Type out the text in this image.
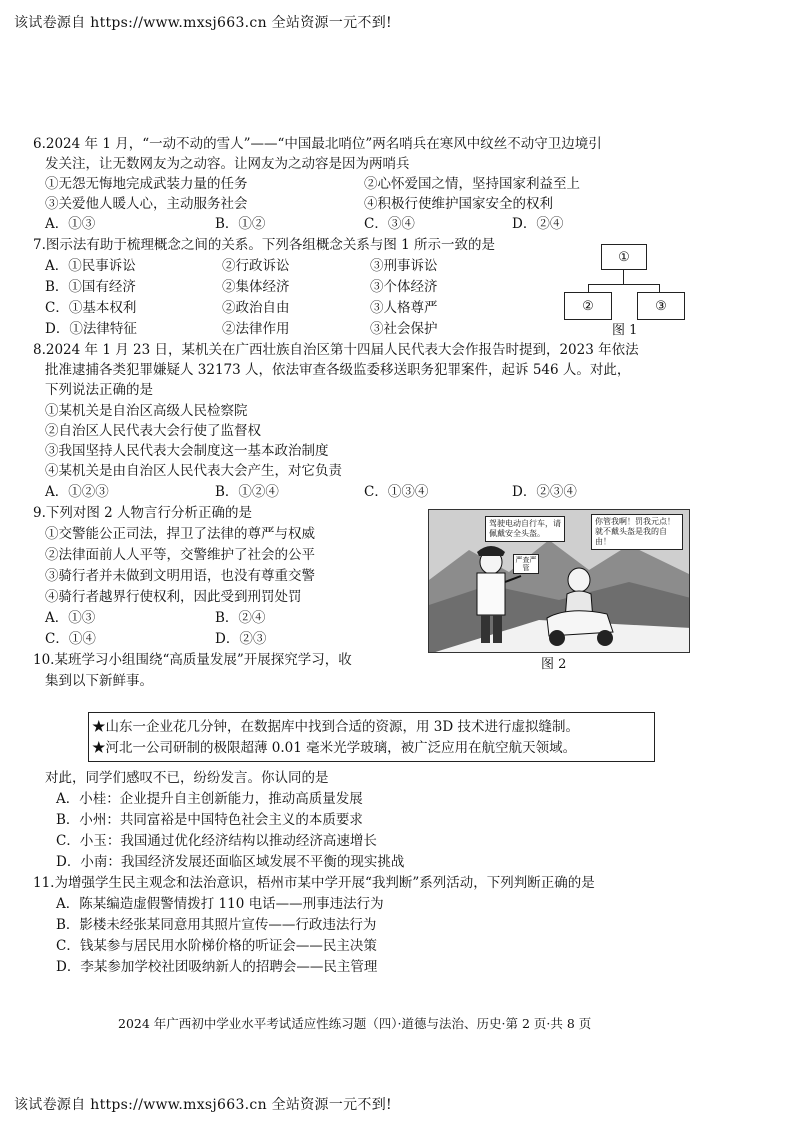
该试卷源自 https://www.mxsj663.cn 全站资源一元不到!
6.2024 年 1 月，“一动不动的雪人”——“中国最北哨位”两名哨兵在寒风中纹丝不动守卫边境引
发关注，让无数网友为之动容。让网友为之动容是因为两哨兵
①无怨无悔地完成武装力量的任务	②心怀爱国之情，坚持国家利益至上
③关爱他人暖人心，主动服务社会	④积极行使维护国家安全的权利
A．①③	B．①②	C．③④	D．②④
7.图示法有助于梳理概念之间的关系。下列各组概念关系与图 1 所示一致的是
A．①民事诉讼	②行政诉讼	③刑事诉讼
B．①国有经济	②集体经济	③个体经济
C．①基本权利	②政治自由	③人格尊严
D．①法律特征	②法律作用	③社会保护
①
②	③
图 1
8.2024 年 1 月 23 日，某机关在广西壮族自治区第十四届人民代表大会作报告时提到，2023 年依法
批准逮捕各类犯罪嫌疑人 32173 人，依法审查各级监委移送职务犯罪案件，起诉 546 人。对此，
下列说法正确的是
①某机关是自治区高级人民检察院
②自治区人民代表大会行使了监督权
③我国坚持人民代表大会制度这一基本政治制度
④某机关是由自治区人民代表大会产生，对它负责
A．①②③	B．①②④	C．①③④	D．②③④
9.下列对图 2 人物言行分析正确的是
①交警能公正司法，捍卫了法律的尊严与权威
②法律面前人人平等，交警维护了社会的公平
③骑行者并未做到文明用语，也没有尊重交警
④骑行者越界行使权利，因此受到刑罚处罚
A．①③	B．②④
C．①④	D．②③
驾驶电动自行车，请佩戴安全头盔。
你管我啊！罚我元点！就不戴头盔是我的自由！
严查严管
图 2
10.某班学习小组围绕“高质量发展”开展探究学习，收
集到以下新鲜事。
★山东一企业花几分钟，在数据库中找到合适的资源，用 3D 技术进行虚拟缝制。
★河北一公司研制的极限超薄 0.01 毫米光学玻璃，被广泛应用在航空航天领域。
对此，同学们感叹不已，纷纷发言。你认同的是
A．小桂：企业提升自主创新能力，推动高质量发展
B．小州：共同富裕是中国特色社会主义的本质要求
C．小玉：我国通过优化经济结构以推动经济高速增长
D．小南：我国经济发展还面临区域发展不平衡的现实挑战
11.为增强学生民主观念和法治意识，梧州市某中学开展“我判断”系列活动，下列判断正确的是
A．陈某编造虚假警情拨打 110 电话——刑事违法行为
B．影楼未经张某同意用其照片宣传——行政违法行为
C．钱某参与居民用水阶梯价格的听证会——民主决策
D．李某参加学校社团吸纳新人的招聘会——民主管理
2024 年广西初中学业水平考试适应性练习题（四）·道德与法治、历史·第 2 页·共 8 页
该试卷源自 https://www.mxsj663.cn 全站资源一元不到!
